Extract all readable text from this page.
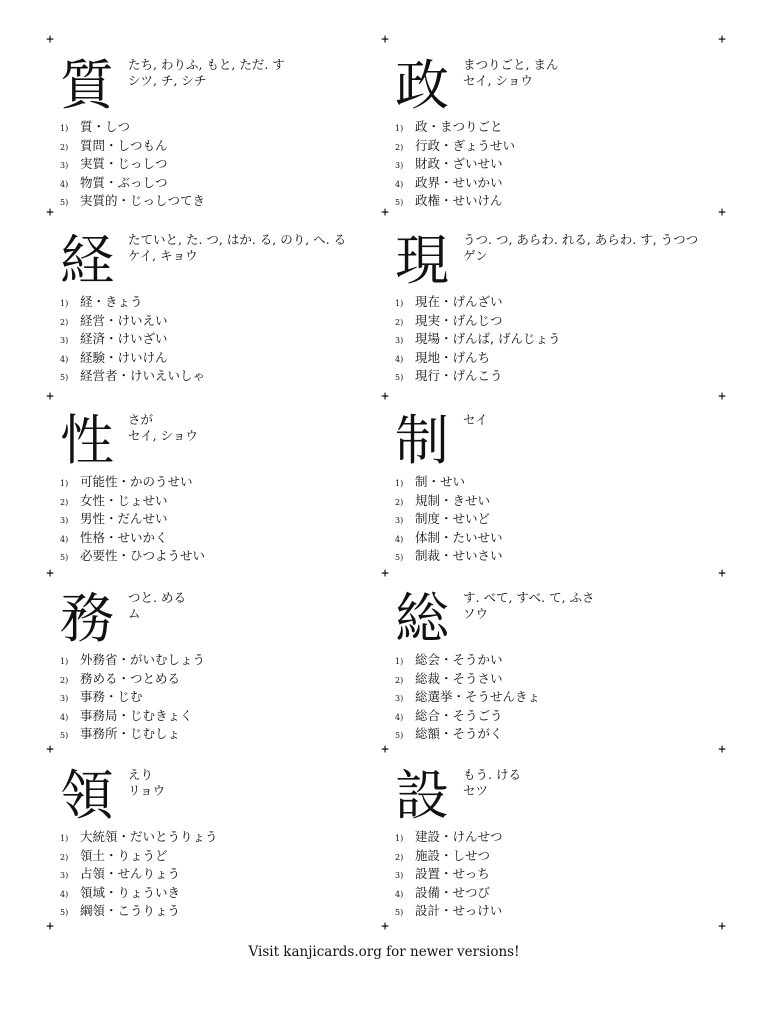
+	+	+
+	+	+
+	+	+
+	+	+
+	+	+
+	+	+
質	たち, わりふ, もと, ただ. す
シツ, チ, シチ
1) 質・しつ
2) 質問・しつもん
3) 実質・じっしつ
4) 物質・ぶっしつ
5) 実質的・じっしつてき
政	まつりごと, まん
セイ, ショウ
1) 政・まつりごと
2) 行政・ぎょうせい
3) 財政・ざいせい
4) 政界・せいかい
5) 政権・せいけん
経	たていと, た. つ, はか. る, のり, へ. る
ケイ, キョウ
1) 経・きょう
2) 経営・けいえい
3) 経済・けいざい
4) 経験・けいけん
5) 経営者・けいえいしゃ
現	うつ. つ, あらわ. れる, あらわ. す, うつつ
ゲン
1) 現在・げんざい
2) 現実・げんじつ
3) 現場・げんば, げんじょう
4) 現地・げんち
5) 現行・げんこう
性	さが
セイ, ショウ
1) 可能性・かのうせい
2) 女性・じょせい
3) 男性・だんせい
4) 性格・せいかく
5) 必要性・ひつようせい
制	セイ
1) 制・せい
2) 規制・きせい
3) 制度・せいど
4) 体制・たいせい
5) 制裁・せいさい
務	つと. める
ム
1) 外務省・がいむしょう
2) 務める・つとめる
3) 事務・じむ
4) 事務局・じむきょく
5) 事務所・じむしょ
総	す. べて, すべ. て, ふさ
ソウ
1) 総会・そうかい
2) 総裁・そうさい
3) 総選挙・そうせんきょ
4) 総合・そうごう
5) 総額・そうがく
領	えり
リョウ
1) 大統領・だいとうりょう
2) 領土・りょうど
3) 占領・せんりょう
4) 領域・りょういき
5) 綱領・こうりょう
設	もう. ける
セツ
1) 建設・けんせつ
2) 施設・しせつ
3) 設置・せっち
4) 設備・せつび
5) 設計・せっけい
Visit kanjicards.org for newer versions!
